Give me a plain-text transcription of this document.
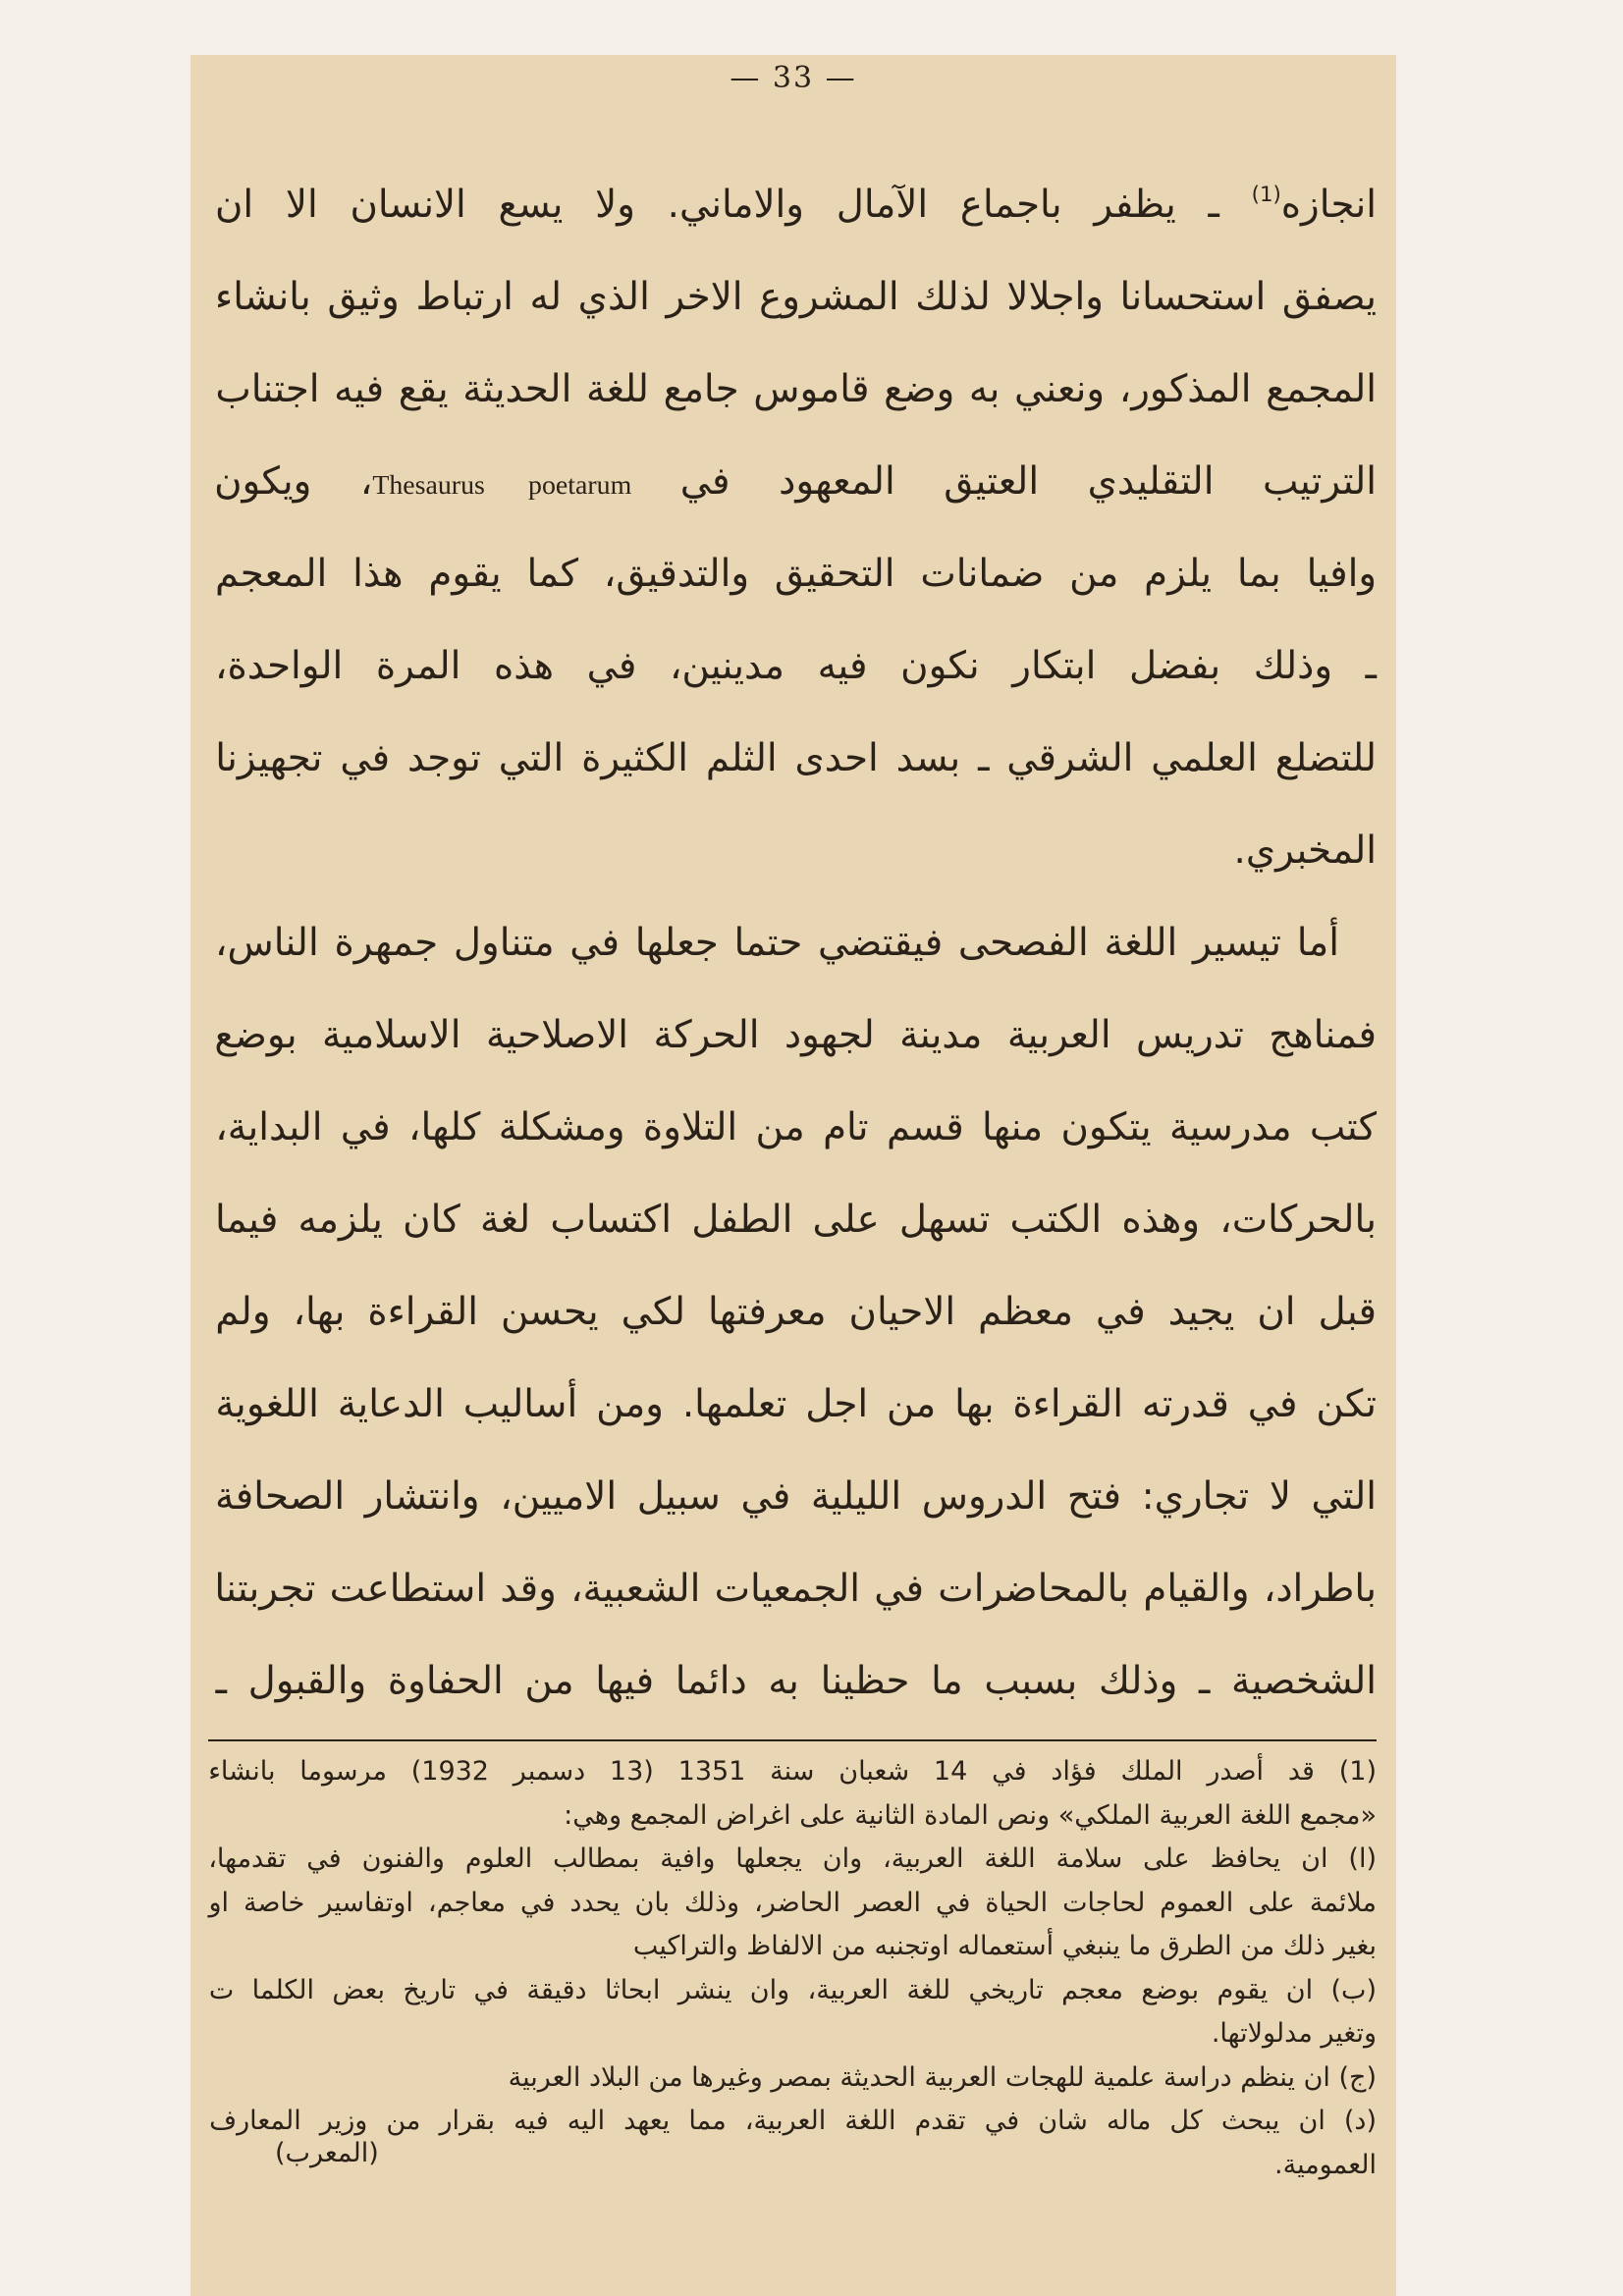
— 33 —
انجازه$^{(1)}$ ـ يظفر باجماع الآمال والاماني. ولا يسع الانسان الا ان
يصفق استحسانا واجلالا لذلك المشروع الاخر الذي له ارتباط وثيق بانشاء
المجمع المذكور، ونعني به وضع قاموس جامع للغة الحديثة يقع فيه اجتناب
الترتيب التقليدي العتيق المعهود في Thesaurus poetarum، ويكون
وافيا بما يلزم من ضمانات التحقيق والتدقيق، كما يقوم هذا المعجم
ـ وذلك بفضل ابتكار نكون فيه مدينين، في هذه المرة الواحدة،
للتضلع العلمي الشرقي ـ بسد احدى الثلم الكثيرة التي توجد في تجهيزنا
المخبري.
أما تيسير اللغة الفصحى فيقتضي حتما جعلها في متناول جمهرة الناس،
فمناهج تدريس العربية مدينة لجهود الحركة الاصلاحية الاسلامية بوضع
كتب مدرسية يتكون منها قسم تام من التلاوة ومشكلة كلها، في البداية،
بالحركات، وهذه الكتب تسهل على الطفل اكتساب لغة كان يلزمه فيما
قبل ان يجيد في معظم الاحيان معرفتها لكي يحسن القراءة بها، ولم
تكن في قدرته القراءة بها من اجل تعلمها. ومن أساليب الدعاية اللغوية
التي لا تجاري: فتح الدروس الليلية في سبيل الاميين، وانتشار الصحافة
باطراد، والقيام بالمحاضرات في الجمعيات الشعبية، وقد استطاعت تجربتنا
الشخصية ـ وذلك بسبب ما حظينا به دائما فيها من الحفاوة والقبول ـ
(1) قد أصدر الملك فؤاد في 14 شعبان سنة 1351 (13 دسمبر 1932) مرسوما بانشاء
«مجمع اللغة العربية الملكي» ونص المادة الثانية على اغراض المجمع وهي:
(ا) ان يحافظ على سلامة اللغة العربية، وان يجعلها وافية بمطالب العلوم والفنون في تقدمها،
ملائمة على العموم لحاجات الحياة في العصر الحاضر، وذلك بان يحدد في معاجم، اوتفاسير خاصة او
بغير ذلك من الطرق ما ينبغي أستعماله اوتجنبه من الالفاظ والتراكيب
(ب) ان يقوم بوضع معجم تاريخي للغة العربية، وان ينشر ابحاثا دقيقة في تاريخ بعض الكلما ت
وتغير مدلولاتها.
(ج) ان ينظم دراسة علمية للهجات العربية الحديثة بمصر وغيرها من البلاد العربية
(د) ان يبحث كل ماله شان في تقدم اللغة العربية، مما يعهد اليه فيه بقرار من وزير المعارف
العمومية.
(المعرب)
